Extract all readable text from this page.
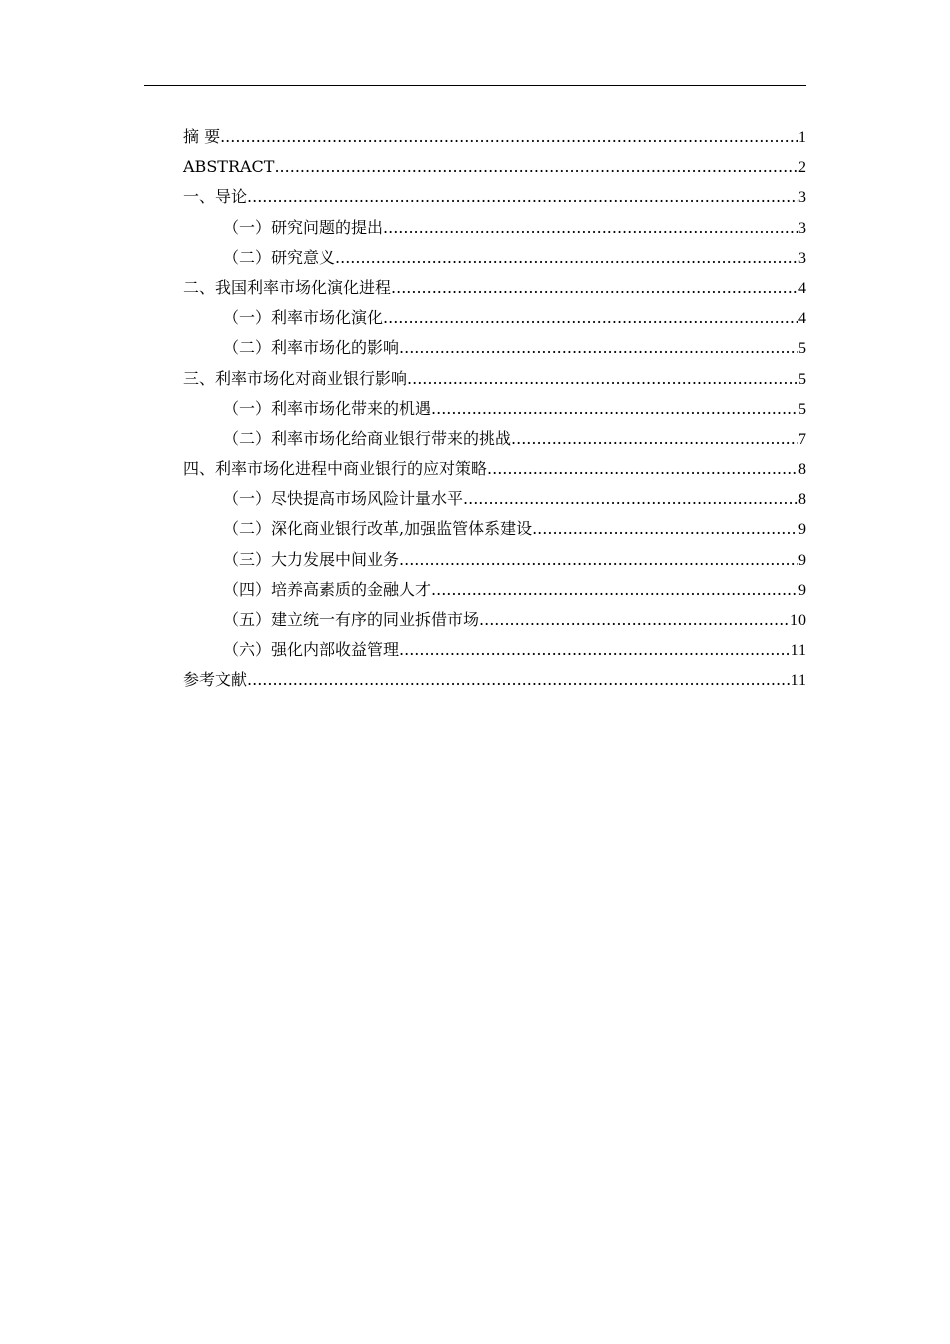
摘 要 .....	1
ABSTRACT .....	2
一、导论 .....	3
（一）研究问题的提出 .....	3
（二）研究意义 .....	3
二、我国利率市场化演化进程 .....	4
（一）利率市场化演化 .....	4
（二）利率市场化的影响 .....	5
三、利率市场化对商业银行影响 .....	5
（一）利率市场化带来的机遇 .....	5
（二）利率市场化给商业银行带来的挑战 .....	7
四、利率市场化进程中商业银行的应对策略 .....	8
（一）尽快提高市场风险计量水平 .....	8
（二）深化商业银行改革,加强监管体系建设 .....	9
（三）大力发展中间业务 .....	9
（四）培养高素质的金融人才 .....	9
（五）建立统一有序的同业拆借市场 .....	10
（六）强化内部收益管理 .....	11
参考文献 .....	11
